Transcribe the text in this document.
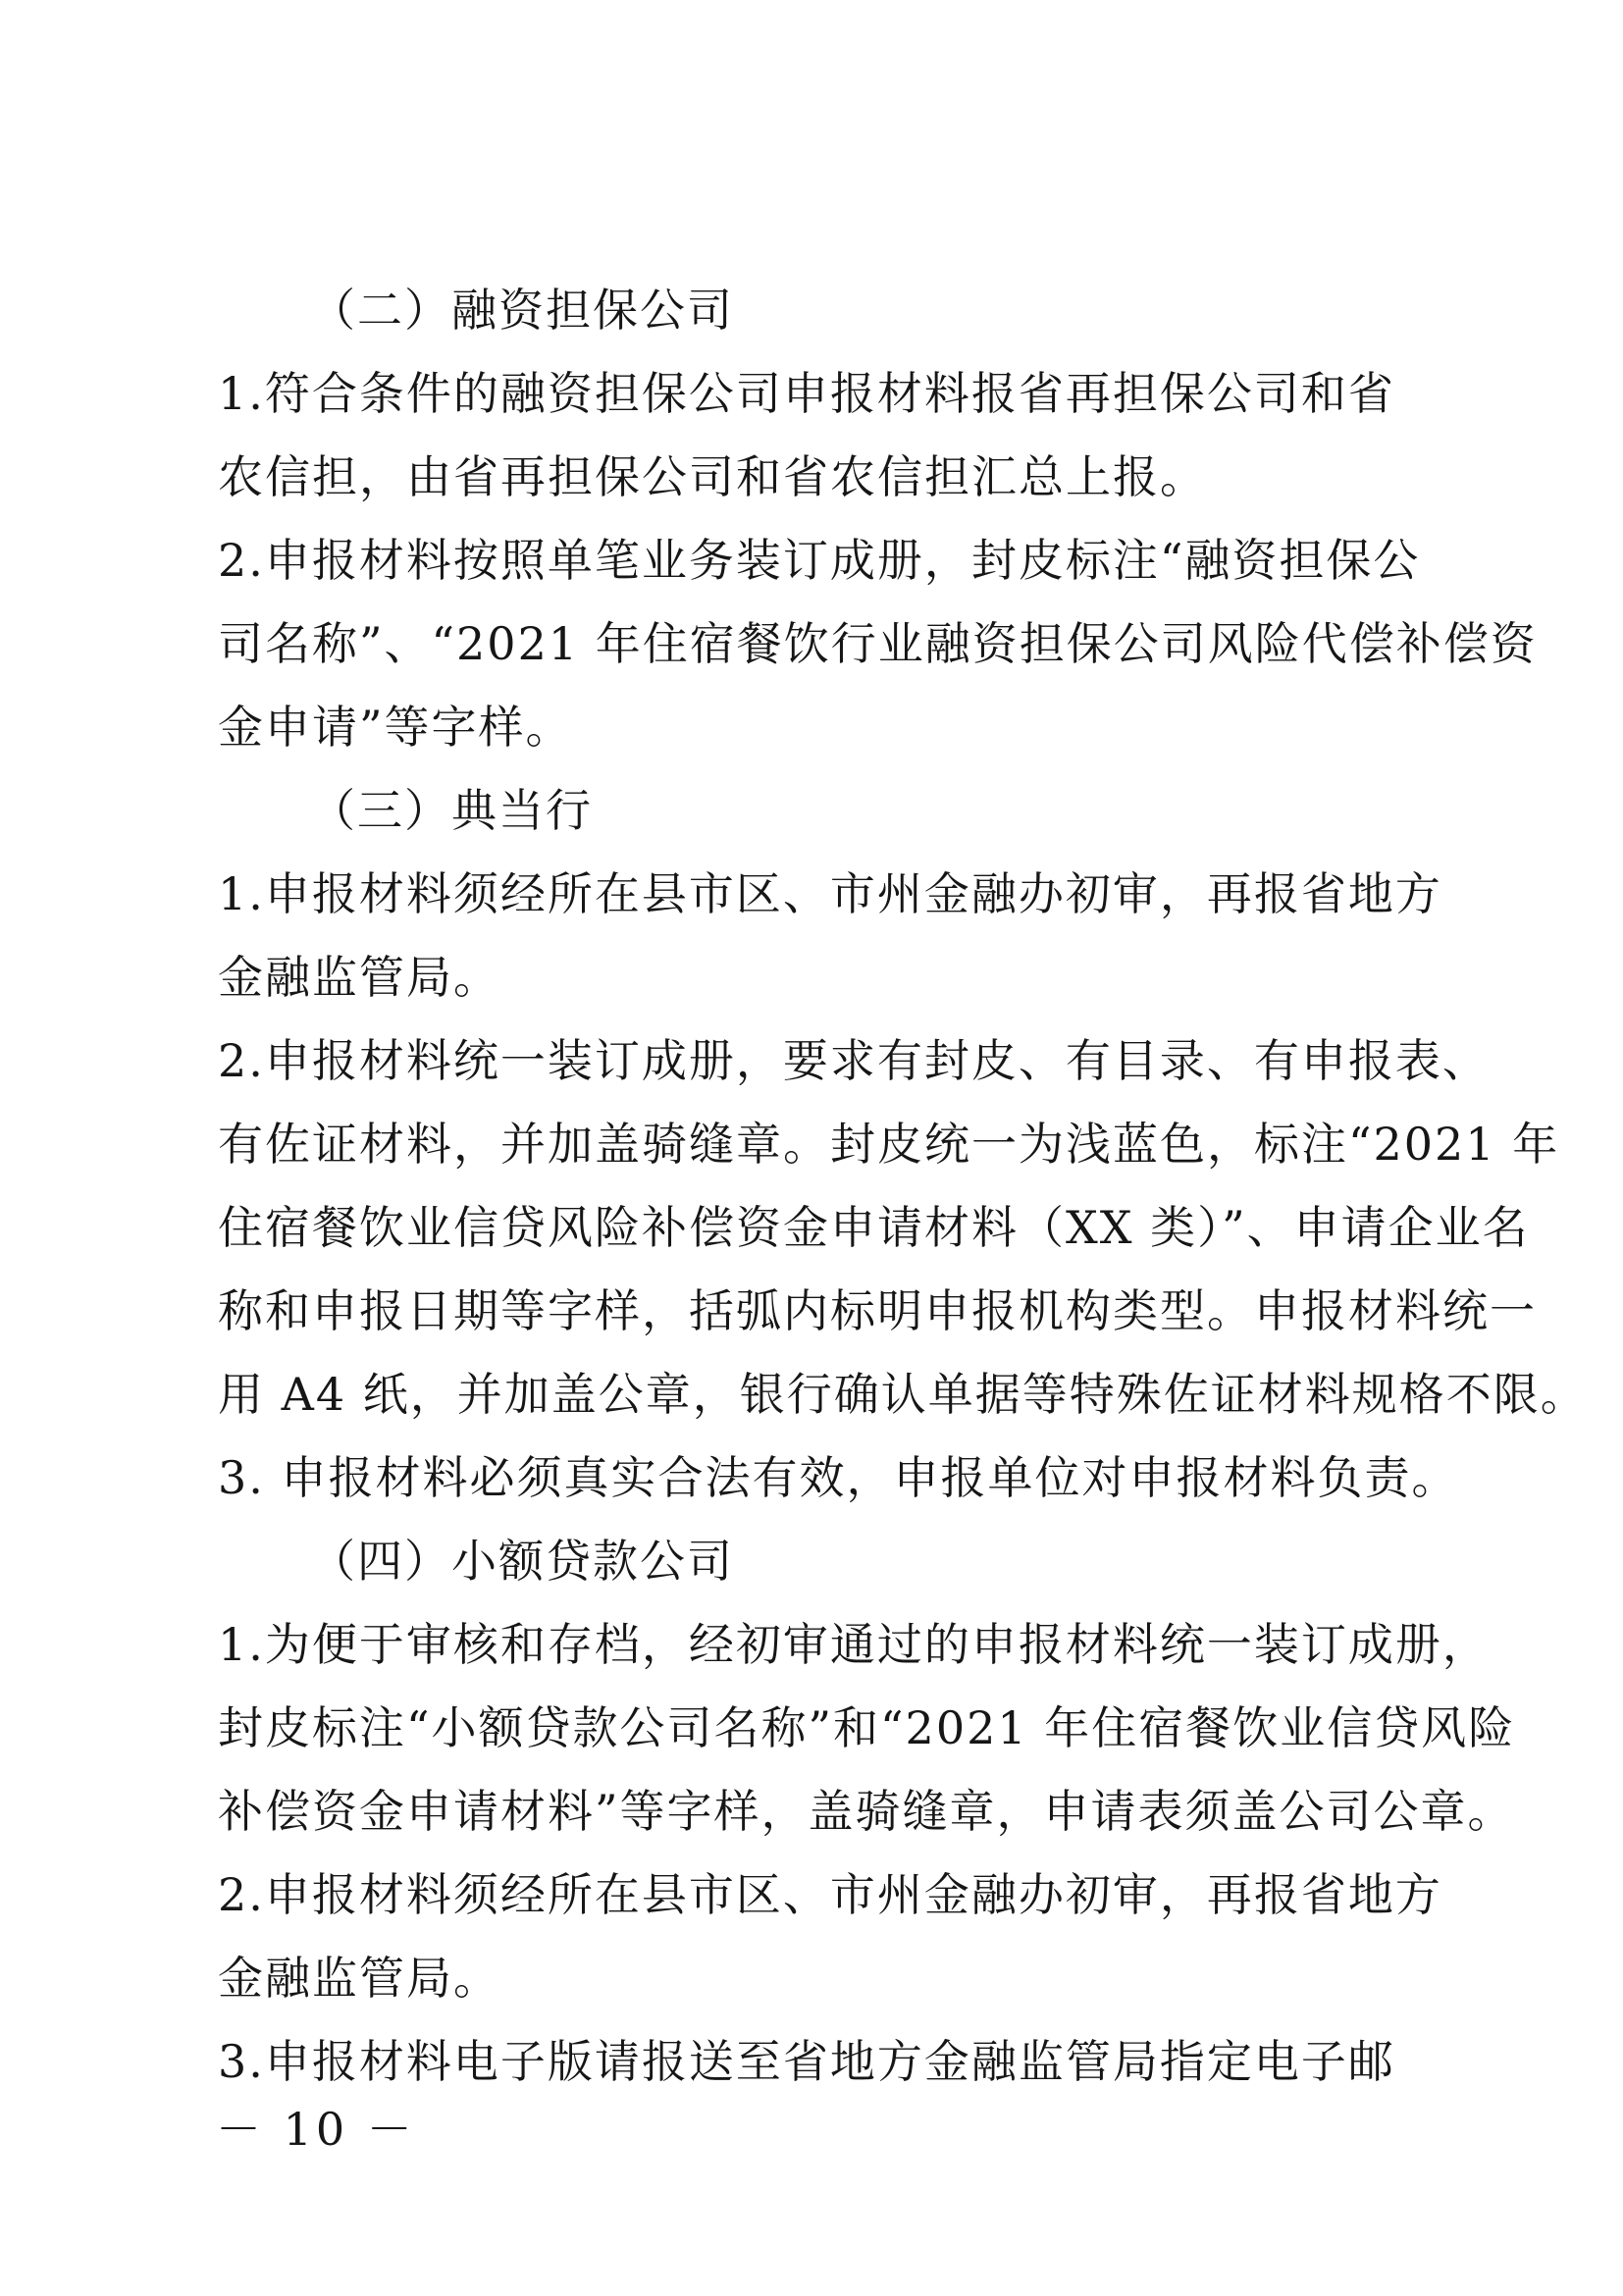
（二）融资担保公司
1.符合条件的融资担保公司申报材料报省再担保公司和省
农信担，由省再担保公司和省农信担汇总上报。
2.申报材料按照单笔业务装订成册，封皮标注“融资担保公
司名称”、“2021 年住宿餐饮行业融资担保公司风险代偿补偿资
金申请”等字样。
（三）典当行
1.申报材料须经所在县市区、市州金融办初审，再报省地方
金融监管局。
2.申报材料统一装订成册，要求有封皮、有目录、有申报表、
有佐证材料，并加盖骑缝章。封皮统一为浅蓝色，标注“2021 年
住宿餐饮业信贷风险补偿资金申请材料（XX 类）”、申请企业名
称和申报日期等字样，括弧内标明申报机构类型。申报材料统一
用 A4 纸，并加盖公章，银行确认单据等特殊佐证材料规格不限。
3. 申报材料必须真实合法有效，申报单位对申报材料负责。
（四）小额贷款公司
1.为便于审核和存档，经初审通过的申报材料统一装订成册，
封皮标注“小额贷款公司名称”和“2021 年住宿餐饮业信贷风险
补偿资金申请材料”等字样，盖骑缝章，申请表须盖公司公章。
2.申报材料须经所在县市区、市州金融办初审，再报省地方
金融监管局。
3.申报材料电子版请报送至省地方金融监管局指定电子邮
－ 10 －
